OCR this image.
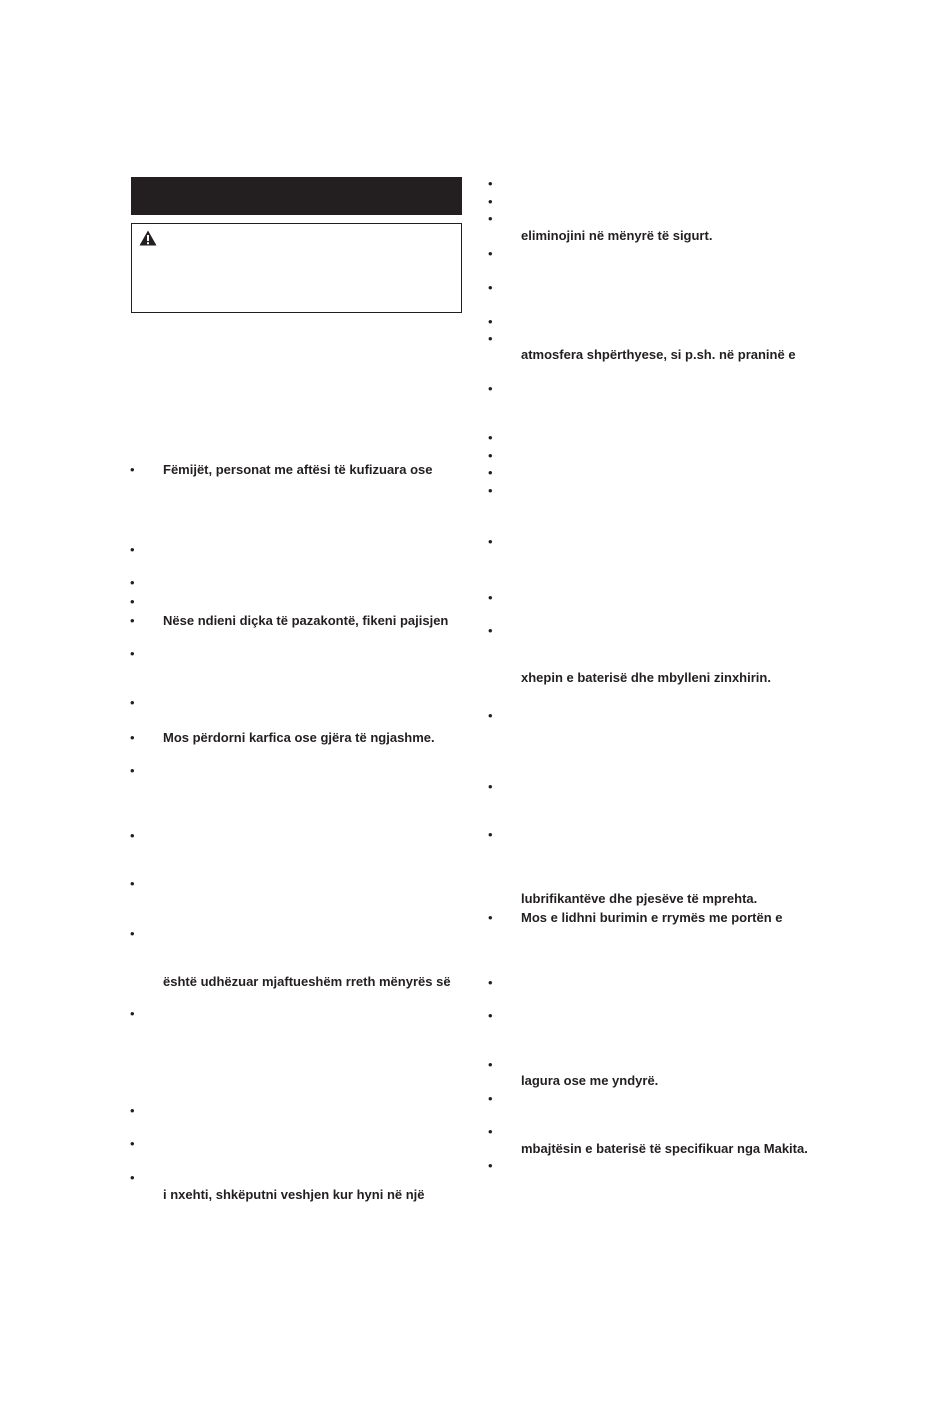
•
•
•
•
•
•
•
•
•
•
•
•
•
•
•
•
Fëmijët, personat me aftësi të kufizuara ose
Nëse ndieni diçka të pazakontë, fikeni pajisjen
Mos përdorni karfica ose gjëra të ngjashme.
është udhëzuar mjaftueshëm rreth mënyrës së
i nxehti, shkëputni veshjen kur hyni në një
•
•
•
•
•
•
•
•
•
•
•
•
•
•
•
•
•
•
•
•
•
•
•
•
•
eliminojini në mënyrë të sigurt.
atmosfera shpërthyese, si p.sh. në praninë e
xhepin e baterisë dhe mbylleni zinxhirin.
lubrifikantëve dhe pjesëve të mprehta.
Mos e lidhni burimin e rrymës me portën e
lagura ose me yndyrë.
mbajtësin e baterisë të specifikuar nga Makita.
